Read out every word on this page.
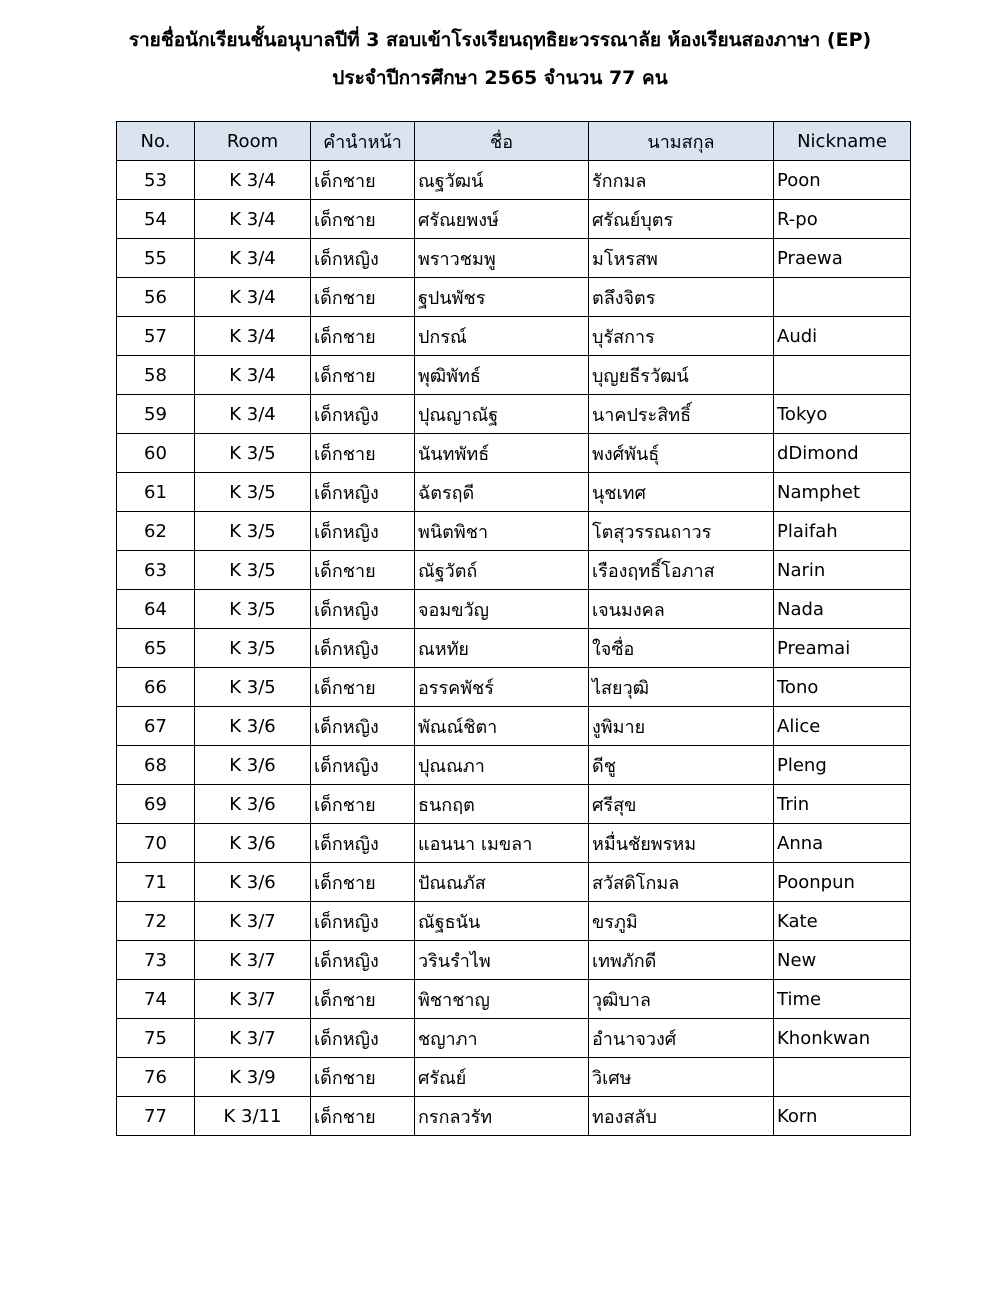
รายชื่อนักเรียนชั้นอนุบาลปีที่ 3 สอบเข้าโรงเรียนฤทธิยะวรรณาลัย ห้องเรียนสองภาษา (EP)
ประจำปีการศึกษา 2565 จำนวน 77 คน
No.	Room	คำนำหน้า	ชื่อ	นามสกุล	Nickname
53	K 3/4	เด็กชาย	ณฐวัฒน์	รักกมล	Poon
54	K 3/4	เด็กชาย	ศรัณยพงษ์	ศรัณย์บุตร	R-po
55	K 3/4	เด็กหญิง	พราวชมพู	มโหรสพ	Praewa
56	K 3/4	เด็กชาย	ฐปนพัชร	ตลึงจิตร	
57	K 3/4	เด็กชาย	ปกรณ์	บุรัสการ	Audi
58	K 3/4	เด็กชาย	พุฒิพัทธ์	บุญยธีรวัฒน์	
59	K 3/4	เด็กหญิง	ปุณญาณัฐ	นาคประสิทธิ์	Tokyo
60	K 3/5	เด็กชาย	นันทพัทธ์	พงศ์พันธุ์	dDimond
61	K 3/5	เด็กหญิง	ฉัตรฤดี	นุชเทศ	Namphet
62	K 3/5	เด็กหญิง	พนิตพิชา	โตสุวรรณถาวร	Plaifah
63	K 3/5	เด็กชาย	ณัฐวัตถ์	เรืองฤทธิ์โอภาส	Narin
64	K 3/5	เด็กหญิง	จอมขวัญ	เจนมงคล	Nada
65	K 3/5	เด็กหญิง	ณหทัย	ใจซื่อ	Preamai
66	K 3/5	เด็กชาย	อรรคพัชร์	ไสยวุฒิ	Tono
67	K 3/6	เด็กหญิง	พัณณ์ชิตา	งูพิมาย	Alice
68	K 3/6	เด็กหญิง	ปุณณภา	ดีชู	Pleng
69	K 3/6	เด็กชาย	ธนกฤต	ศรีสุข	Trin
70	K 3/6	เด็กหญิง	แอนนา เมขลา	หมื่นชัยพรหม	Anna
71	K 3/6	เด็กชาย	ปัณณภัส	สวัสดิโกมล	Poonpun
72	K 3/7	เด็กหญิง	ณัฐธนัน	ขรภูมิ	Kate
73	K 3/7	เด็กหญิง	วรินรำไพ	เทพภักดี	New
74	K 3/7	เด็กชาย	พิชาชาญ	วุฒิบาล	Time
75	K 3/7	เด็กหญิง	ชญาภา	อำนาจวงศ์	Khonkwan
76	K 3/9	เด็กชาย	ศรัณย์	วิเศษ	
77	K 3/11	เด็กชาย	กรกลวรัท	ทองสลับ	Korn
